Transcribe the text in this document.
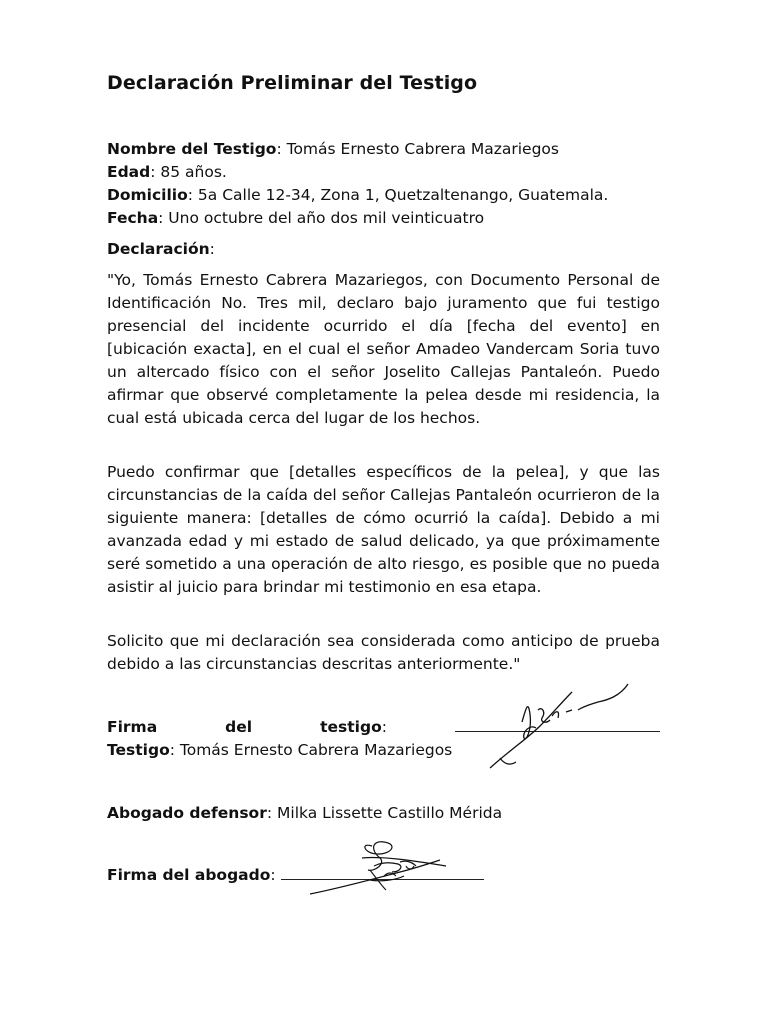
Declaración Preliminar del Testigo
Nombre del Testigo: Tomás Ernesto Cabrera Mazariegos
Edad: 85 años.
Domicilio: 5a Calle 12-34, Zona 1, Quetzaltenango, Guatemala.
Fecha: Uno octubre del año dos mil veinticuatro
Declaración:
"Yo, Tomás Ernesto Cabrera Mazariegos, con Documento Personal de Identificación No. Tres mil, declaro bajo juramento que fui testigo presencial del incidente ocurrido el día [fecha del evento] en [ubicación exacta], en el cual el señor Amadeo Vandercam Soria tuvo un altercado físico con el señor Joselito Callejas Pantaleón. Puedo afirmar que observé completamente la pelea desde mi residencia, la cual está ubicada cerca del lugar de los hechos.
Puedo confirmar que [detalles específicos de la pelea], y que las circunstancias de la caída del señor Callejas Pantaleón ocurrieron de la siguiente manera: [detalles de cómo ocurrió la caída]. Debido a mi avanzada edad y mi estado de salud delicado, ya que próximamente seré sometido a una operación de alto riesgo, es posible que no pueda asistir al juicio para brindar mi testimonio en esa etapa.
Solicito que mi declaración sea considerada como anticipo de prueba debido a las circunstancias descritas anteriormente."
Firma	del	testigo:
Testigo: Tomás Ernesto Cabrera Mazariegos
Abogado defensor: Milka Lissette Castillo Mérida
Firma del abogado:
